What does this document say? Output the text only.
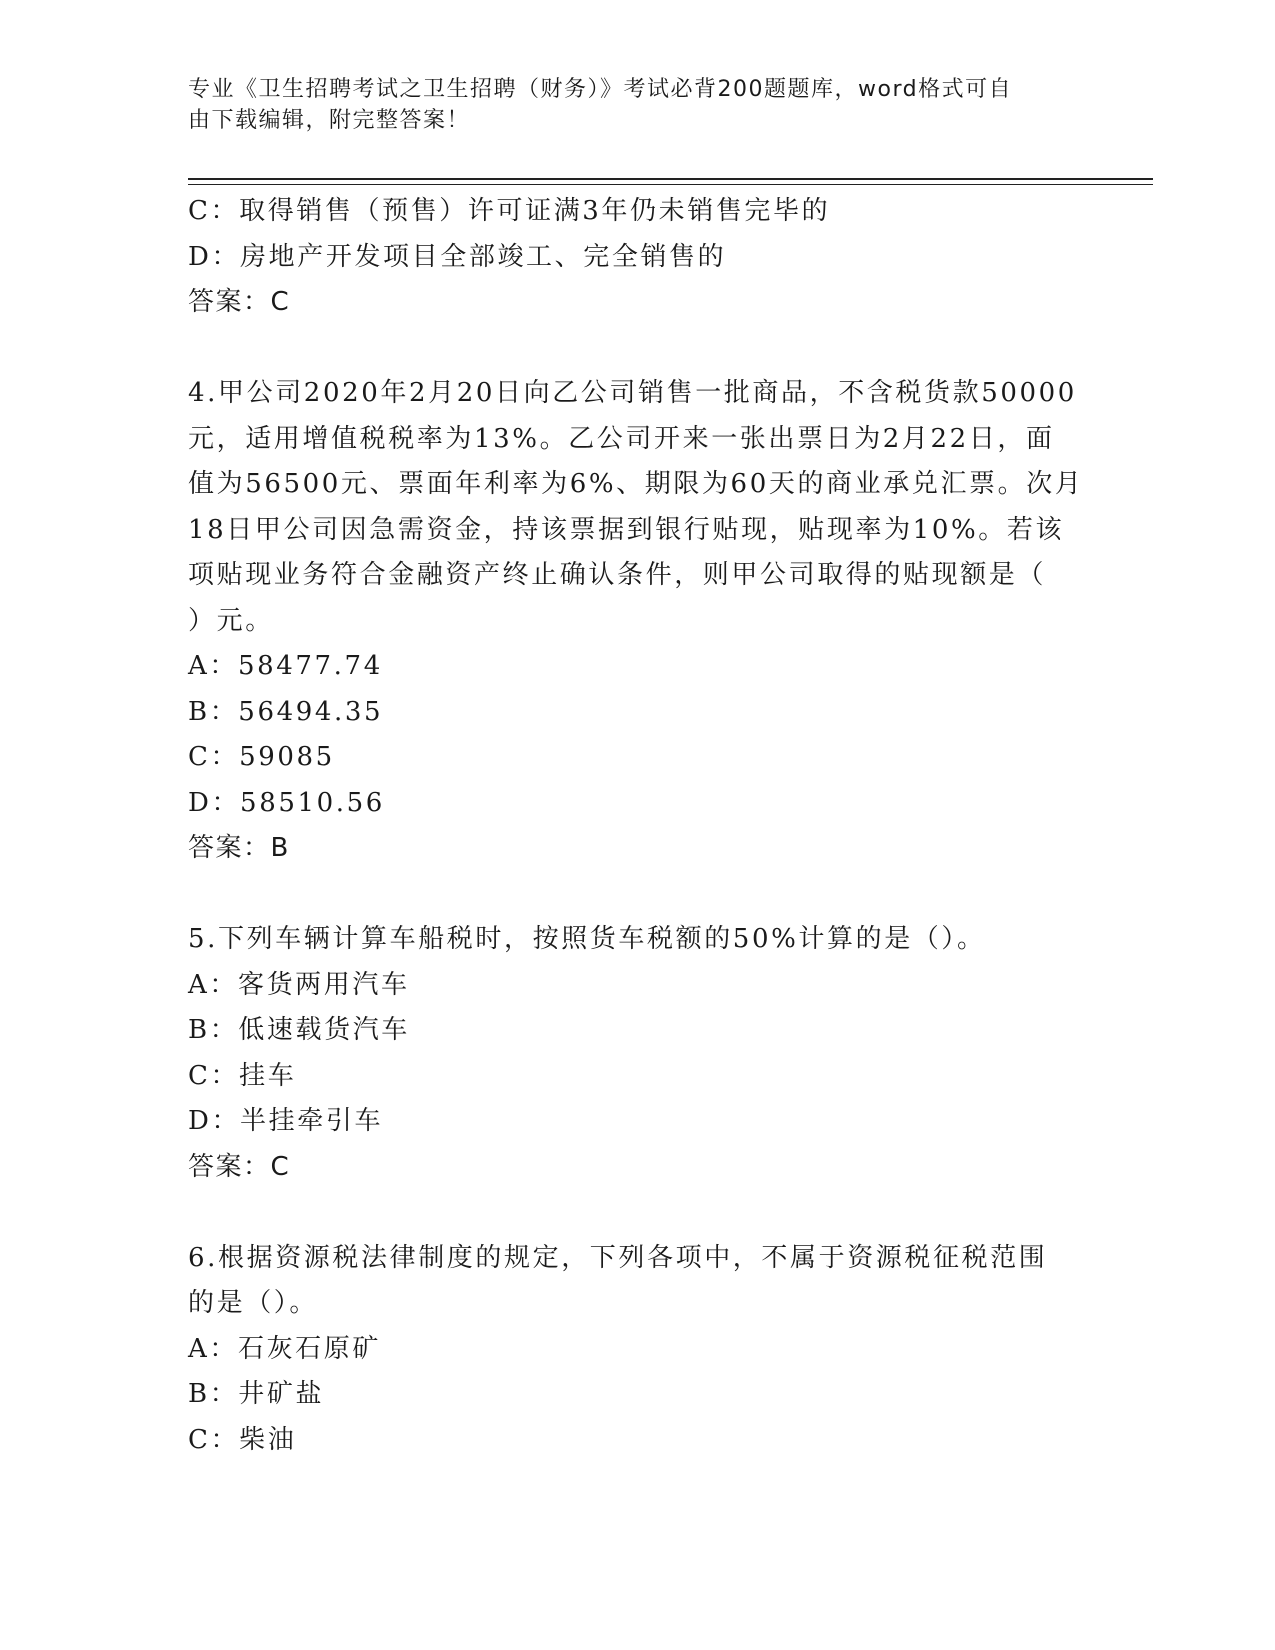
专业《卫生招聘考试之卫生招聘（财务）》考试必背200题题库，word格式可自
由下载编辑，附完整答案！
C：取得销售（预售）许可证满3年仍未销售完毕的
D：房地产开发项目全部竣工、完全销售的
答案：C
4.甲公司2020年2月20日向乙公司销售一批商品，不含税货款50000
元，适用增值税税率为13%。乙公司开来一张出票日为2月22日，面
值为56500元、票面年利率为6%、期限为60天的商业承兑汇票。次月
18日甲公司因急需资金，持该票据到银行贴现，贴现率为10%。若该
项贴现业务符合金融资产终止确认条件，则甲公司取得的贴现额是（
）元。
A：58477.74
B：56494.35
C：59085
D：58510.56
答案：B
5.下列车辆计算车船税时，按照货车税额的50%计算的是（）。
A：客货两用汽车
B：低速载货汽车
C：挂车
D：半挂牵引车
答案：C
6.根据资源税法律制度的规定，下列各项中，不属于资源税征税范围
的是（）。
A：石灰石原矿
B：井矿盐
C：柴油
